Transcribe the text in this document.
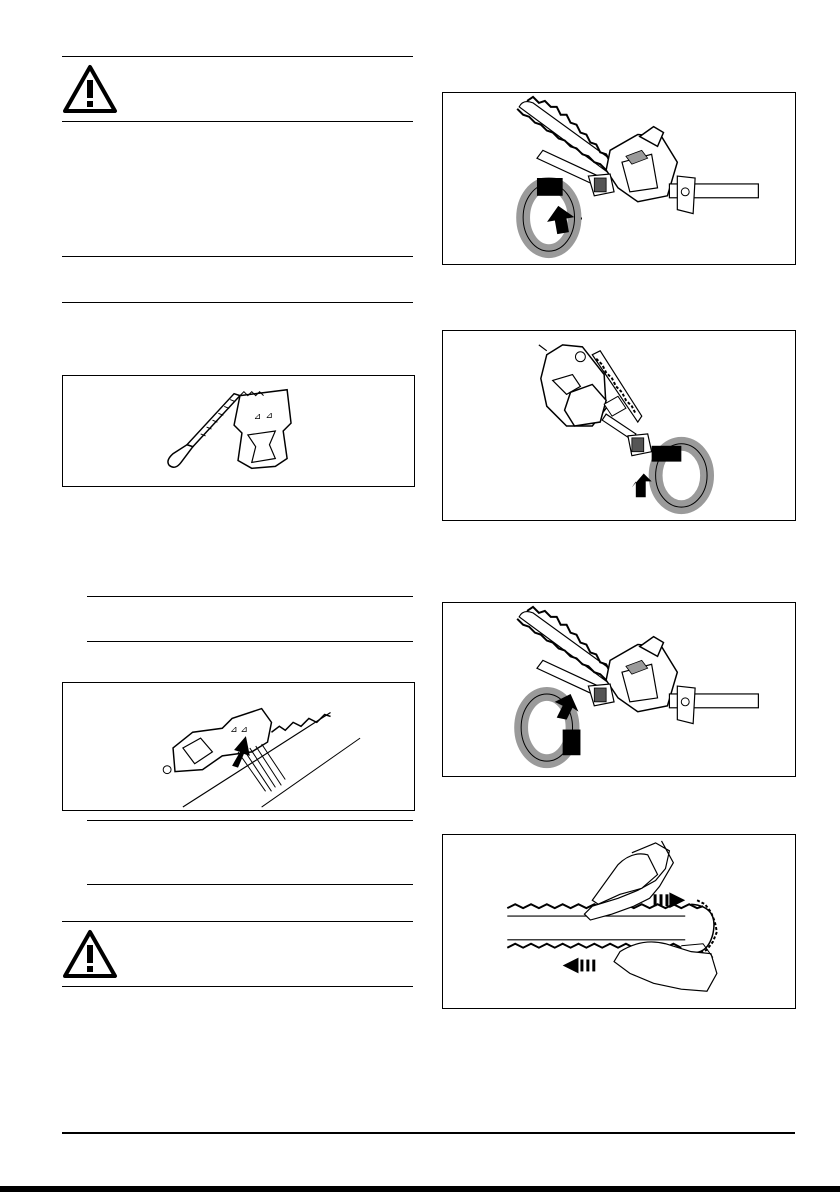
⊿ ⊿
⊿ ⊿
